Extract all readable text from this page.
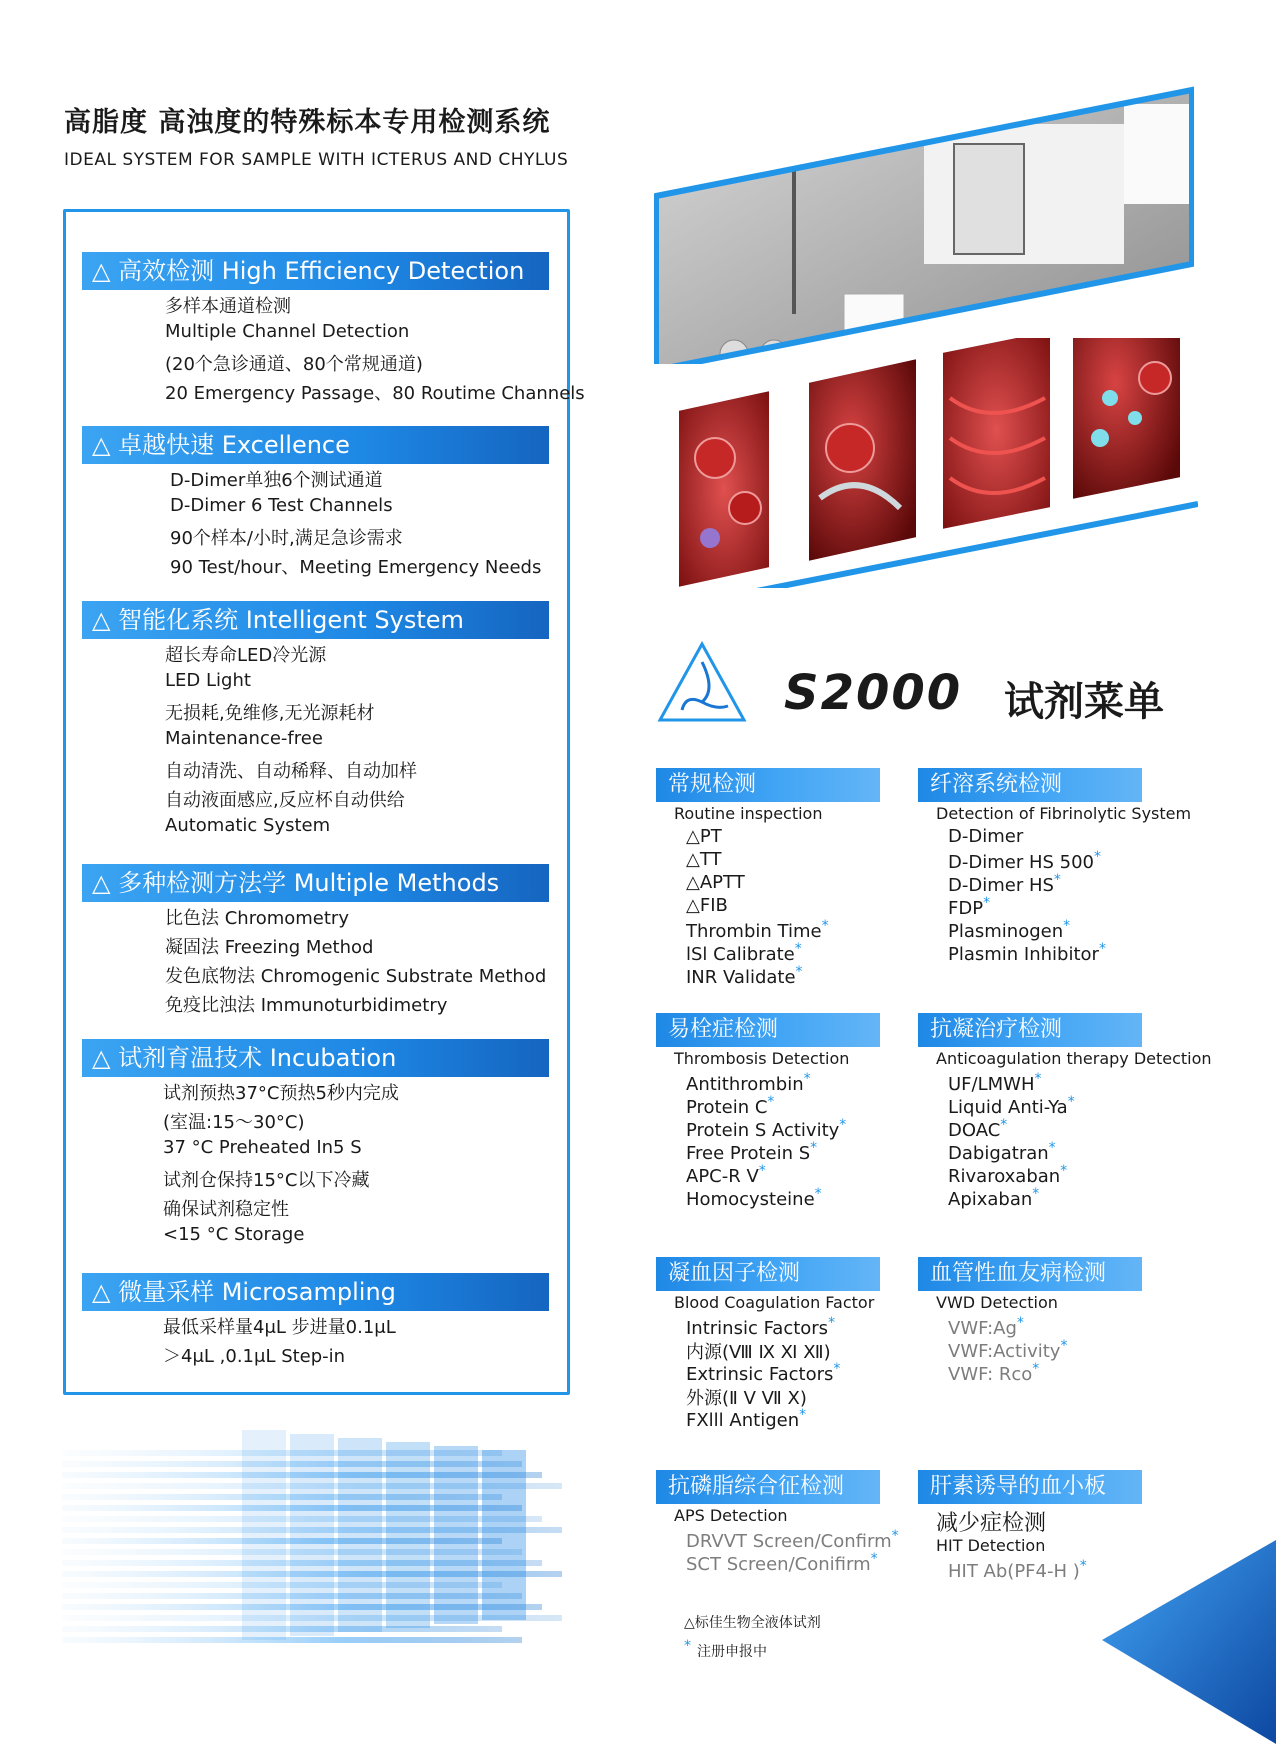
高脂度 高浊度的特殊标本专用检测系统
IDEAL SYSTEM FOR SAMPLE WITH ICTERUS AND CHYLUS
△ 高效检测 High Efficiency Detection
多样本通道检测
Multiple Channel Detection
(20个急诊通道、80个常规通道)
20 Emergency Passage、80 Routime Channels
△ 卓越快速 Excellence
D-Dimer单独6个测试通道
D-Dimer 6 Test Channels
90个样本/小时,满足急诊需求
90 Test/hour、Meeting Emergency Needs
△ 智能化系统 Intelligent System
超长寿命LED冷光源
LED Light
无损耗,免维修,无光源耗材
Maintenance-free
自动清洗、自动稀释、自动加样
自动液面感应,反应杯自动供给
Automatic System
△ 多种检测方法学 Multiple Methods
比色法 Chromometry
凝固法 Freezing Method
发色底物法 Chromogenic Substrate Method
免疫比浊法 Immunoturbidimetry
△ 试剂育温技术 Incubation
试剂预热37°C预热5秒内完成
(室温:15～30°C)
37 °C Preheated In5 S
试剂仓保持15°C以下冷藏
确保试剂稳定性
<15 °C Storage
△ 微量采样 Microsampling
最低采样量4μL 步进量0.1μL
＞4μL ,0.1μL Step-in
S2000 试剂菜单
常规检测
Routine inspection
△PT
△TT
△APTT
△FIB
Thrombin Time*
lSl Calibrate*
INR Validate*
纤溶系统检测
Detection of Fibrinolytic System
D-Dimer
D-Dimer HS 500*
D-Dimer HS*
FDP*
Plasminogen*
Plasmin Inhibitor*
易栓症检测
Thrombosis Detection
Antithrombin*
Protein C*
Protein S Activity*
Free Protein S*
APC-R V*
Homocysteine*
抗凝治疗检测
Anticoagulation therapy Detection
UF/LMWH*
Liquid Anti-Ya*
DOAC*
Dabigatran*
Rivaroxaban*
Apixaban*
凝血因子检测
Blood Coagulation Factor
Intrinsic Factors*
内源(Ⅷ Ⅸ Ⅺ Ⅻ)
Extrinsic Factors*
外源(Ⅱ Ⅴ Ⅶ Ⅹ)
FXlll Antigen*
血管性血友病检测
VWD Detection
VWF:Ag*
VWF:Activity*
VWF: Rco*
抗磷脂综合征检测
APS Detection
DRVVT Screen/Confirm*
SCT Screen/Conifirm*
肝素诱导的血小板
减少症检测
HIT Detection
HIT Ab(PF4-H )*
△标佳生物全液体试剂
* 注册申报中
